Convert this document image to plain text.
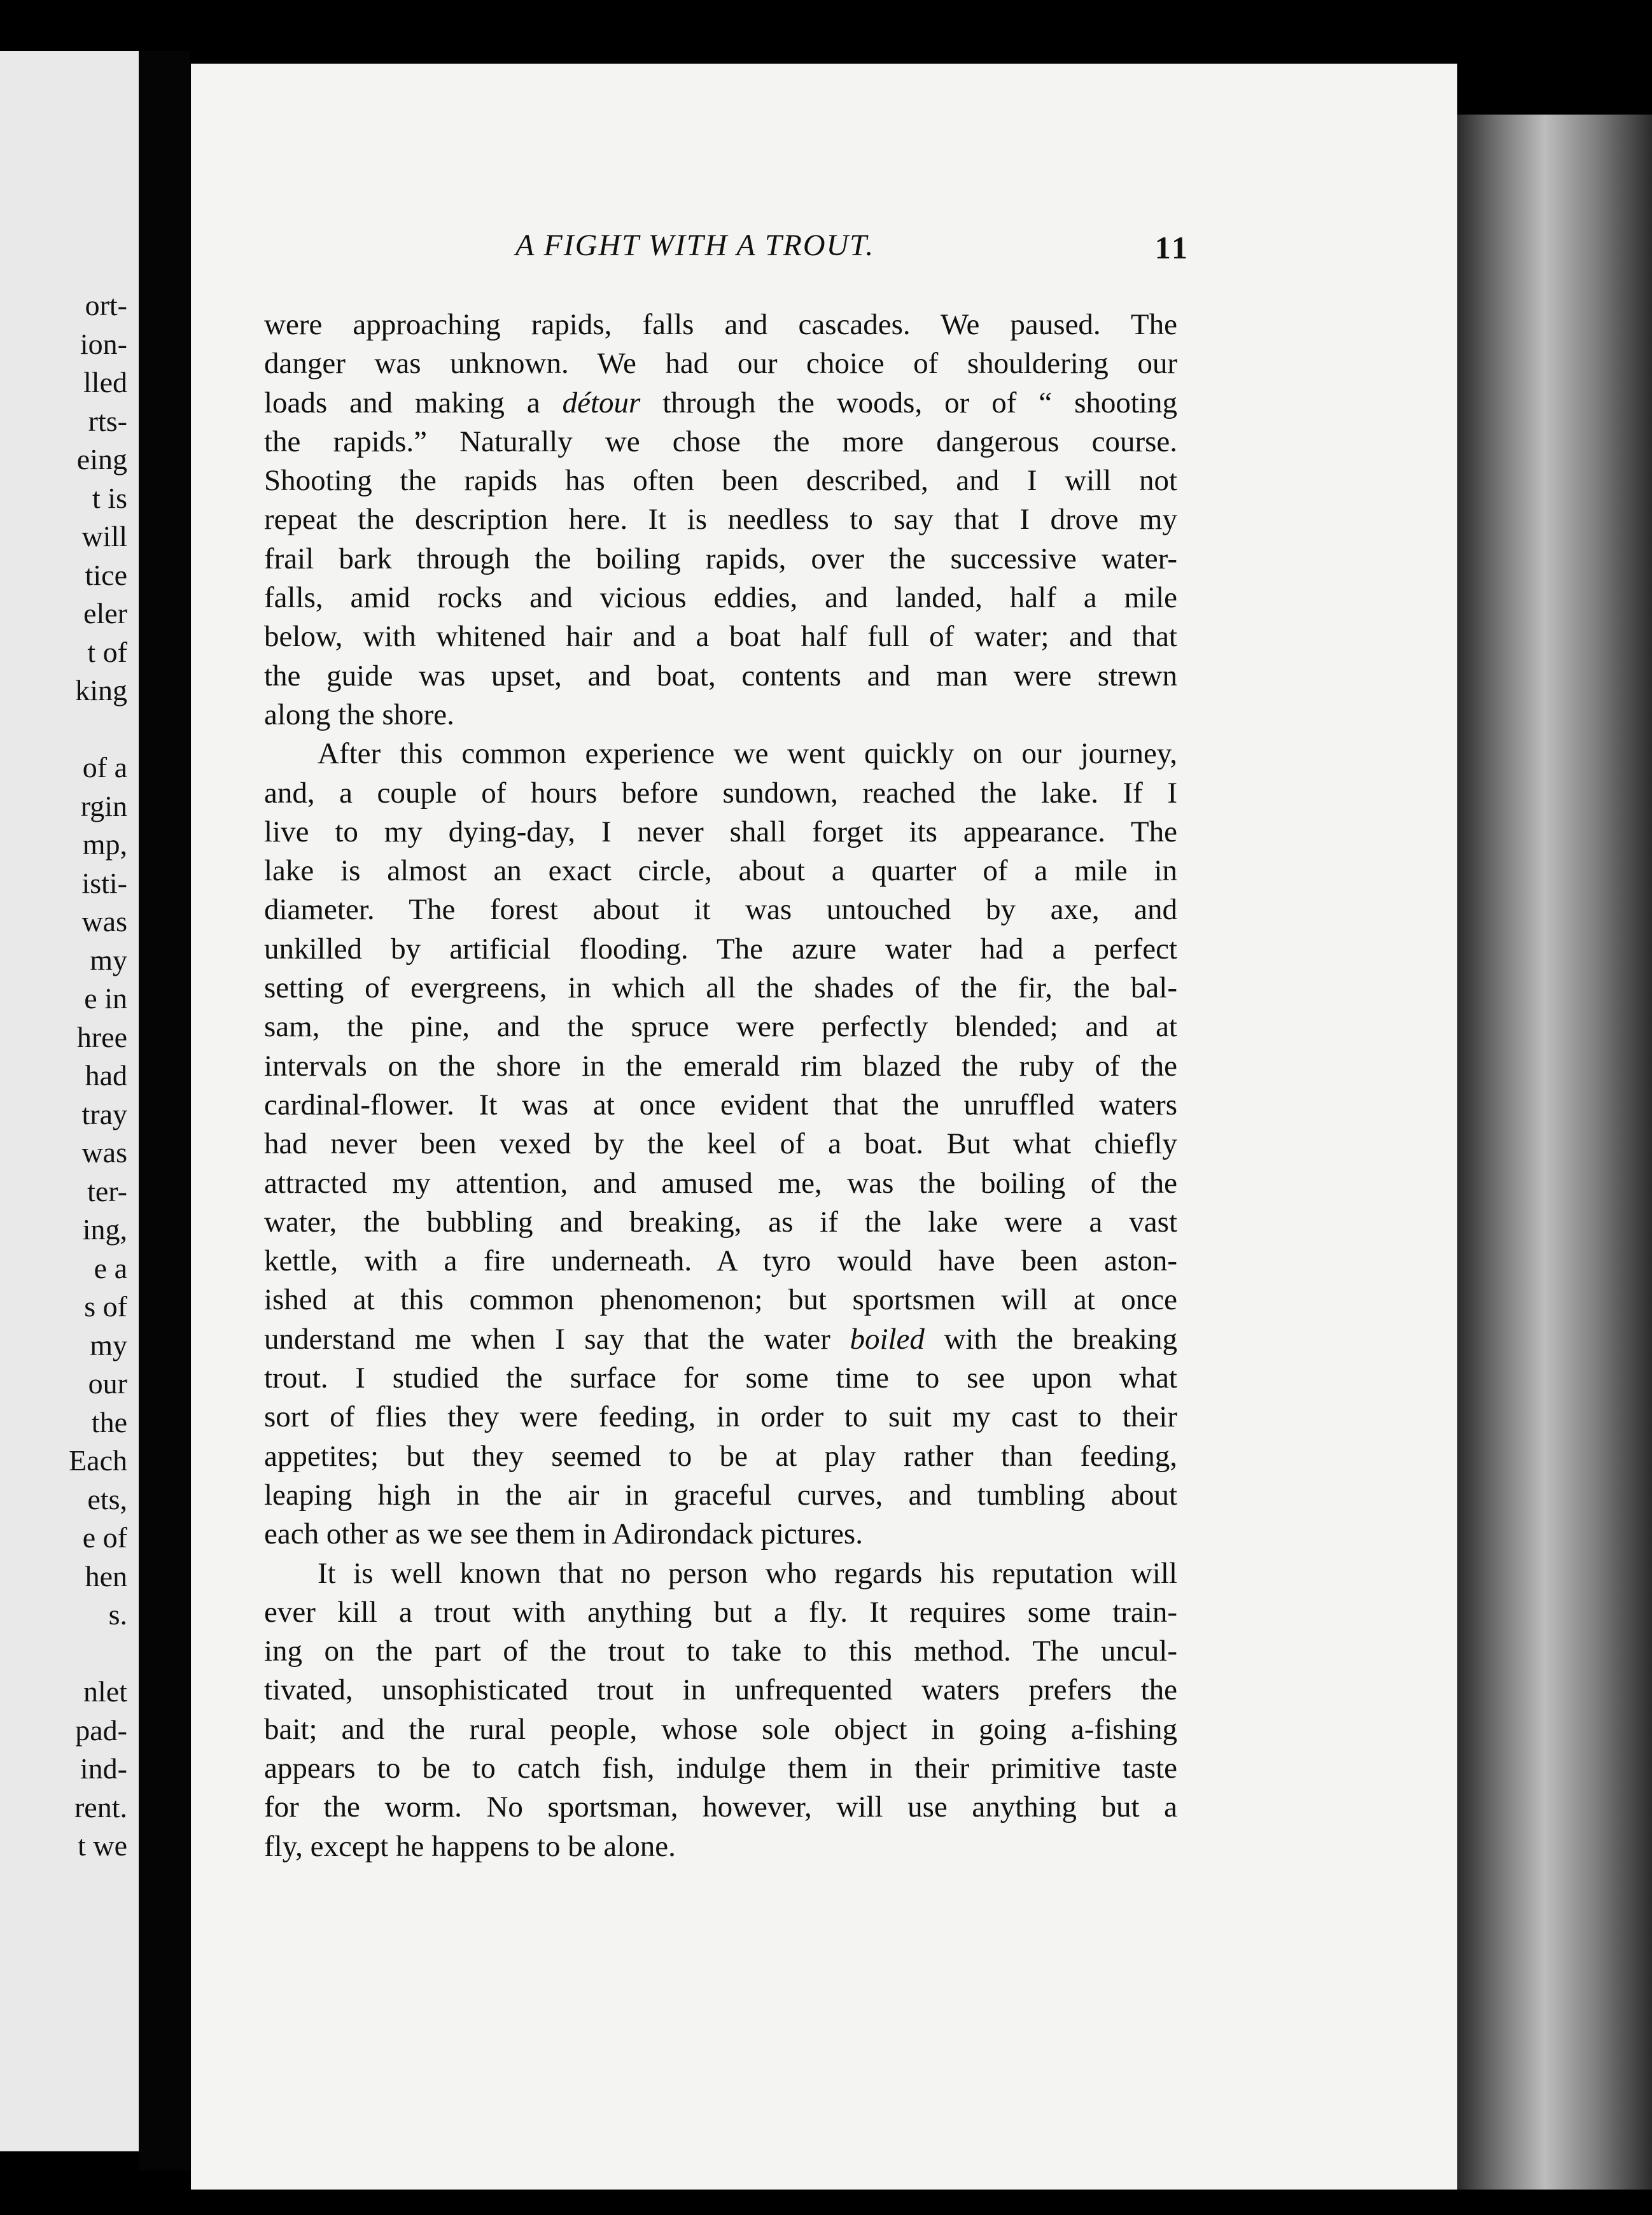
ort-
ion-
lled
rts-
eing
t is
will
tice
eler
t of
king

of a
rgin
mp,
isti-
was
my
e in
hree
had
tray
was
ter-
ing,
e a
s of
my
our
the
Each
ets,
e of
hen
s.

nlet
pad-
ind-
rent.
t we
A FIGHT WITH A TROUT.	11
were approaching rapids, falls and cascades. We paused. The
danger was unknown. We had our choice of shouldering our
loads and making a détour through the woods, or of “ shooting
the rapids.” Naturally we chose the more dangerous course.
Shooting the rapids has often been described, and I will not
repeat the description here. It is needless to say that I drove my
frail bark through the boiling rapids, over the successive water-
falls, amid rocks and vicious eddies, and landed, half a mile
below, with whitened hair and a boat half full of water; and that
the guide was upset, and boat, contents and man were strewn
along the shore.
After this common experience we went quickly on our journey,
and, a couple of hours before sundown, reached the lake. If I
live to my dying-day, I never shall forget its appearance. The
lake is almost an exact circle, about a quarter of a mile in
diameter. The forest about it was untouched by axe, and
unkilled by artificial flooding. The azure water had a perfect
setting of evergreens, in which all the shades of the fir, the bal-
sam, the pine, and the spruce were perfectly blended; and at
intervals on the shore in the emerald rim blazed the ruby of the
cardinal-flower. It was at once evident that the unruffled waters
had never been vexed by the keel of a boat. But what chiefly
attracted my attention, and amused me, was the boiling of the
water, the bubbling and breaking, as if the lake were a vast
kettle, with a fire underneath. A tyro would have been aston-
ished at this common phenomenon; but sportsmen will at once
understand me when I say that the water boiled with the breaking
trout. I studied the surface for some time to see upon what
sort of flies they were feeding, in order to suit my cast to their
appetites; but they seemed to be at play rather than feeding,
leaping high in the air in graceful curves, and tumbling about
each other as we see them in Adirondack pictures.
It is well known that no person who regards his reputation will
ever kill a trout with anything but a fly. It requires some train-
ing on the part of the trout to take to this method. The uncul-
tivated, unsophisticated trout in unfrequented waters prefers the
bait; and the rural people, whose sole object in going a-fishing
appears to be to catch fish, indulge them in their primitive taste
for the worm. No sportsman, however, will use anything but a
fly, except he happens to be alone.
